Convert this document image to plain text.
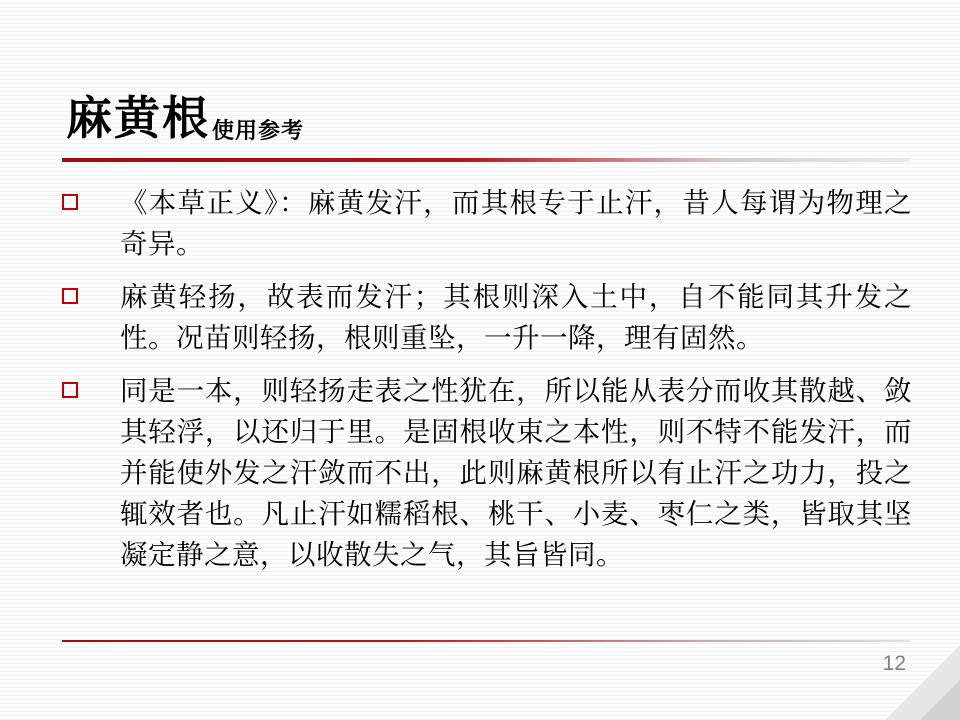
麻黄根 使用参考
《本草正义》：麻黄发汗，而其根专于止汗，昔人每谓为物理之奇异。
麻黄轻扬，故表而发汗；其根则深入土中，自不能同其升发之性。况苗则轻扬，根则重坠，一升一降，理有固然。
同是一本，则轻扬走表之性犹在，所以能从表分而收其散越、敛其轻浮，以还归于里。是固根收束之本性，则不特不能发汗，而并能使外发之汗敛而不出，此则麻黄根所以有止汗之功力，投之辄效者也。凡止汗如糯稻根、桃干、小麦、枣仁之类，皆取其坚凝定静之意，以收散失之气，其旨皆同。
12
